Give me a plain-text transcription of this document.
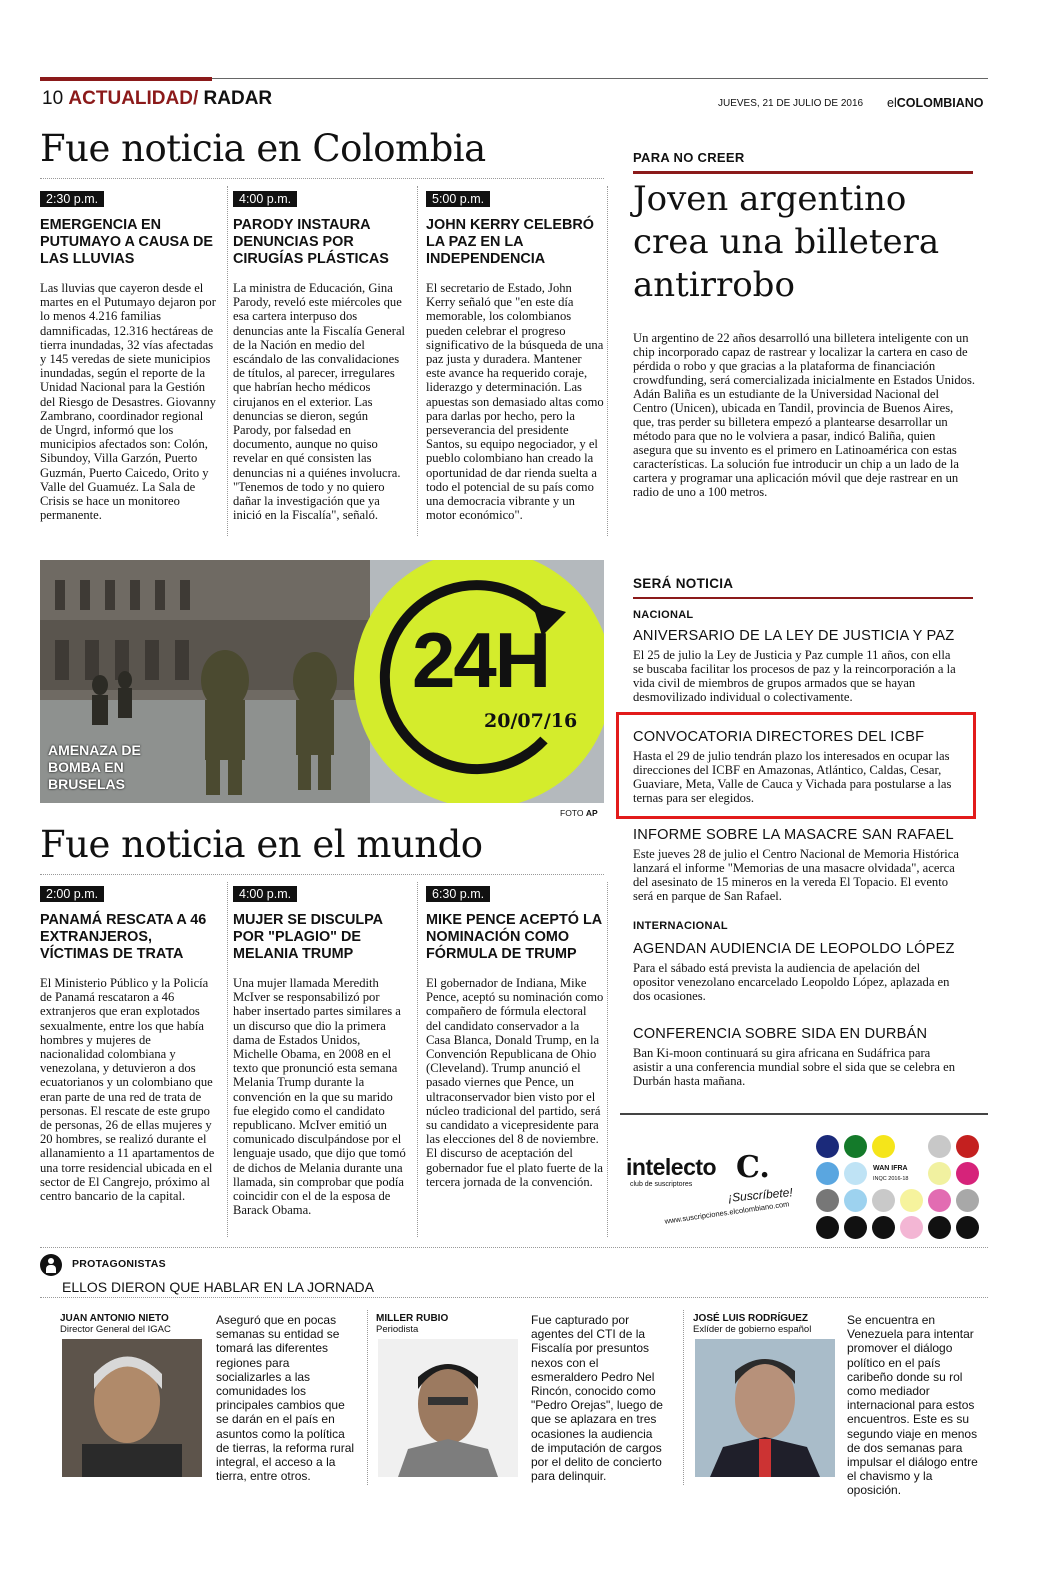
10 ACTUALIDAD/ RADAR	JUEVES, 21 DE JULIO DE 2016 elCOLOMBIANO
Fue noticia en Colombia
2:30 p.m.
EMERGENCIA EN PUTUMAYO A CAUSA DE LAS LLUVIAS
Las lluvias que cayeron desde el martes en el Putumayo dejaron por lo menos 4.216 familias damnificadas, 12.316 hectáreas de tierra inundadas, 32 vías afectadas y 145 veredas de siete municipios inundadas, según el reporte de la Unidad Nacional para la Gestión del Riesgo de Desastres. Giovanny Zambrano, coordinador regional de Ungrd, informó que los municipios afectados son: Colón, Sibundoy, Villa Garzón, Puerto Guzmán, Puerto Caicedo, Orito y Valle del Guamuéz. La Sala de Crisis se hace un monitoreo permanente.
4:00 p.m.
PARODY INSTAURA DENUNCIAS POR CIRUGÍAS PLÁSTICAS
La ministra de Educación, Gina Parody, reveló este miércoles que esa cartera interpuso dos denuncias ante la Fiscalía General de la Nación en medio del escándalo de las convalidaciones de títulos, al parecer, irregulares que habrían hecho médicos cirujanos en el exterior. Las denuncias se dieron, según Parody, por falsedad en documento, aunque no quiso revelar en qué consisten las denuncias ni a quiénes involucra. "Tenemos de todo y no quiero dañar la investigación que ya inició en la Fiscalía", señaló.
5:00 p.m.
JOHN KERRY CELEBRÓ LA PAZ EN LA INDEPENDENCIA
El secretario de Estado, John Kerry señaló que "en este día memorable, los colombianos pueden celebrar el progreso significativo de la búsqueda de una paz justa y duradera. Mantener este avance ha requerido coraje, liderazgo y determinación. Las apuestas son demasiado altas como para darlas por hecho, pero la perseverancia del presidente Santos, su equipo negociador, y el pueblo colombiano han creado la oportunidad de dar rienda suelta a todo el potencial de su país como una democracia vibrante y un motor económico".
PARA NO CREER
Joven argentino crea una billetera antirrobo
Un argentino de 22 años desarrolló una billetera inteligente con un chip incorporado capaz de rastrear y localizar la cartera en caso de pérdida o robo y que gracias a la plataforma de financiación crowdfunding, será comercializada inicialmente en Estados Unidos. Adán Baliña es un estudiante de la Universidad Nacional del Centro (Unicen), ubicada en Tandil, provincia de Buenos Aires, que, tras perder su billetera empezó a plantearse desarrollar un método para que no le volviera a pasar, indicó Baliña, quien asegura que su invento es el primero en Latinoamérica con estas características. La solución fue introducir un chip a un lado de la cartera y programar una aplicación móvil que deje rastrear en un radio de uno a 100 metros.
AMENAZA DE BOMBA EN BRUSELAS
24H
20/07/16
FOTO AP
SERÁ NOTICIA
NACIONAL
ANIVERSARIO DE LA LEY DE JUSTICIA Y PAZ
El 25 de julio la Ley de Justicia y Paz cumple 11 años, con ella se buscaba facilitar los procesos de paz y la reincorporación a la vida civil de miembros de grupos armados que se hayan desmovilizado individual o colectivamente.
CONVOCATORIA DIRECTORES DEL ICBF
Hasta el 29 de julio tendrán plazo los interesados en ocupar las direcciones del ICBF en Amazonas, Atlántico, Caldas, Cesar, Guaviare, Meta, Valle de Cauca y Vichada para postularse a las ternas para ser elegidos.
INFORME SOBRE LA MASACRE SAN RAFAEL
Este jueves 28 de julio el Centro Nacional de Memoria Histórica lanzará el informe "Memorias de una masacre olvidada", acerca del asesinato de 15 mineros en la vereda El Topacio. El evento será en parque de San Rafael.
INTERNACIONAL
AGENDAN AUDIENCIA DE LEOPOLDO LÓPEZ
Para el sábado está prevista la audiencia de apelación del opositor venezolano encarcelado Leopoldo López, aplazada en dos ocasiones.
CONFERENCIA SOBRE SIDA EN DURBÁN
Ban Ki-moon continuará su gira africana en Sudáfrica para asistir a una conferencia mundial sobre el sida que se celebra en Durbán hasta mañana.
Fue noticia en el mundo
2:00 p.m.
PANAMÁ RESCATA A 46 EXTRANJEROS, VÍCTIMAS DE TRATA
El Ministerio Público y la Policía de Panamá rescataron a 46 extranjeros que eran explotados sexualmente, entre los que había hombres y mujeres de nacionalidad colombiana y venezolana, y detuvieron a dos ecuatorianos y un colombiano que eran parte de una red de trata de personas. El rescate de este grupo de personas, 26 de ellas mujeres y 20 hombres, se realizó durante el allanamiento a 11 apartamentos de una torre residencial ubicada en el sector de El Cangrejo, próximo al centro bancario de la capital.
4:00 p.m.
MUJER SE DISCULPA POR "PLAGIO" DE MELANIA TRUMP
Una mujer llamada Meredith McIver se responsabilizó por haber insertado partes similares a un discurso que dio la primera dama de Estados Unidos, Michelle Obama, en 2008 en el texto que pronunció esta semana Melania Trump durante la convención en la que su marido fue elegido como el candidato republicano. McIver emitió un comunicado disculpándose por el lenguaje usado, que dijo que tomó de dichos de Melania durante una llamada, sin comprobar que podía coincidir con el de la esposa de Barack Obama.
6:30 p.m.
MIKE PENCE ACEPTÓ LA NOMINACIÓN COMO FÓRMULA DE TRUMP
El gobernador de Indiana, Mike Pence, aceptó su nominación como compañero de fórmula electoral del candidato conservador a la Casa Blanca, Donald Trump, en la Convención Republicana de Ohio (Cleveland). Trump anunció el pasado viernes que Pence, un ultraconservador bien visto por el núcleo tradicional del partido, será su candidato a vicepresidente para las elecciones del 8 de noviembre. El discurso de aceptación del gobernador fue el plato fuerte de la tercera jornada de la convención.
intelecto
club de suscriptores C.
¡Suscríbete!
www.suscripciones.elcolombiano.com
WAN IFRA
INQC 2016-18
PROTAGONISTAS
ELLOS DIERON QUE HABLAR EN LA JORNADA
JUAN ANTONIO NIETO
Director General del IGAC
Aseguró que en pocas semanas su entidad se tomará las diferentes regiones para socializarles a las comunidades los principales cambios que se darán en el país en asuntos como la política de tierras, la reforma rural integral, el acceso a la tierra, entre otros.
MILLER RUBIO
Periodista
Fue capturado por agentes del CTI de la Fiscalía por presuntos nexos con el esmeraldero Pedro Nel Rincón, conocido como "Pedro Orejas", luego de que se aplazara en tres ocasiones la audiencia de imputación de cargos por el delito de concierto para delinquir.
JOSÉ LUIS RODRÍGUEZ
Exlíder de gobierno español
Se encuentra en Venezuela para intentar promover el diálogo político en el país caribeño donde su rol como mediador internacional para estos encuentros. Este es su segundo viaje en menos de dos semanas para impulsar el diálogo entre el chavismo y la oposición.
